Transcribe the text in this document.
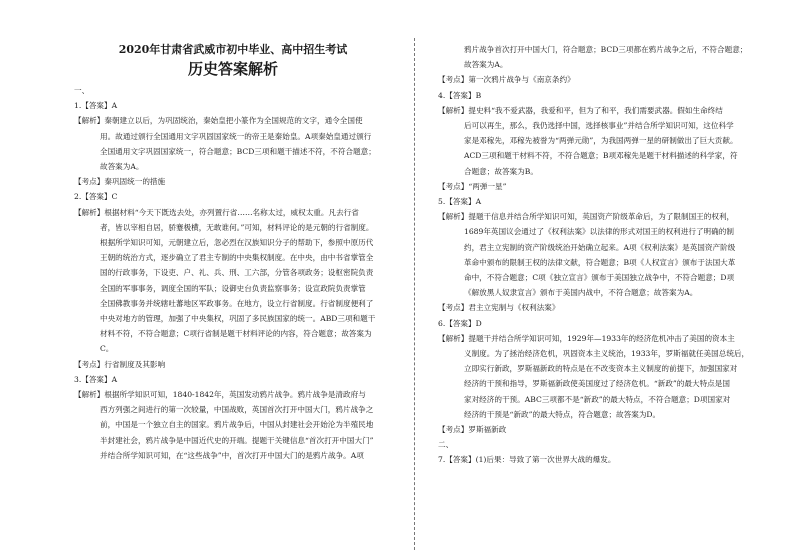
2020年甘肃省武威市初中毕业、高中招生考试
历史答案解析
一、
1.【答案】A
【解析】秦朝建立以后，为巩固统治，秦始皇把小篆作为全国规范的文字，通令全国使
用。故通过颁行全国通用文字巩固国家统一的帝王是秦始皇。A项秦始皇通过颁行
全国通用文字巩固国家统一，符合题意；BCD三项和题干描述不符，不符合题意；
故答案为A。
【考点】秦巩固统一的措施
2.【答案】C
【解析】根据材料“今天下既选去处，亦列置行省……名称太过，威权太重。凡去行省
者，皆以宰相自居，骄蹇极横，无敢谁何。”可知，材料评论的是元朝的行省制度。
根据所学知识可知，元朝建立后，忽必烈在汉族知识分子的帮助下，参照中原历代
王朝的统治方式，逐步确立了君主专制的中央集权制度。在中央，由中书省掌管全
国的行政事务，下设吏、户、礼、兵、刑、工六部，分管各项政务；设枢密院负责
全国的军事事务，调度全国的军队；设御史台负责监察事务；设宣政院负责掌管
全国佛教事务并统辖吐蕃地区军政事务。在地方，设立行省制度。行省制度便利了
中央对地方的管理，加强了中央集权，巩固了多民族国家的统一。ABD三项和题干
材料不符，不符合题意；C项行省制是题干材料评论的内容，符合题意；故答案为
C。
【考点】行省制度及其影响
3.【答案】A
【解析】根据所学知识可知，1840-1842年，英国发动鸦片战争。鸦片战争是清政府与
西方列强之间进行的第一次较量，中国战败，英国首次打开中国大门，鸦片战争之
前，中国是一个独立自主的国家。鸦片战争后，中国从封建社会开始沦为半殖民地
半封建社会，鸦片战争是中国近代史的开端。提题干关键信息“首次打开中国大门”
并结合所学知识可知，在“这些战争”中，首次打开中国大门的是鸦片战争。A项
鸦片战争首次打开中国大门，符合题意；BCD三项都在鸦片战争之后，不符合题意；
故答案为A。
【考点】第一次鸦片战争与《南京条约》
4.【答案】B
【解析】提史料“我不爱武器，我爱和平，但为了和平，我们需要武器。假如生命终结
后可以再生，那么，我仍选择中国，选择核事业”并结合所学知识可知，这位科学
家是邓稼先，邓稼先被誉为“两弹元勋”，为我国两弹一星的研制做出了巨大贡献。
ACD三项和题干材料不符，不符合题意；B项邓稼先是题干材料描述的科学家，符
合题意；故答案为B。
【考点】“两弹一星”
5.【答案】A
【解析】提题干信息并结合所学知识可知，英国资产阶级革命后，为了限制国王的权利，
1689年英国议会通过了《权利法案》以法律的形式对国王的权利进行了明确的制
约，君主立宪制的资产阶级统治开始确立起来。A项《权利法案》是英国资产阶级
革命中颁布的限制王权的法律文献，符合题意；B项《人权宣言》颁布于法国大革
命中，不符合题意；C项《独立宣言》颁布于美国独立战争中，不符合题意；D项
《解放黑人奴隶宣言》颁布于美国内战中，不符合题意；故答案为A。
【考点】君主立宪制与《权利法案》
6.【答案】D
【解析】提题干并结合所学知识可知，1929年—1933年的经济危机冲击了美国的资本主
义制度。为了拯治经济危机，巩固资本主义统治，1933年，罗斯福就任美国总统后，
立即实行新政，罗斯福新政的特点是在不改变资本主义制度的前提下，加强国家对
经济的干预和指导，罗斯福新政使美国度过了经济危机。“新政”的最大特点是国
家对经济的干预。ABC三项都不是“新政”的最大特点，不符合题意；D项国家对
经济的干预是“新政”的最大特点，符合题意；故答案为D。
【考点】罗斯福新政
二、
7.【答案】(1)后果：导致了第一次世界大战的爆发。
